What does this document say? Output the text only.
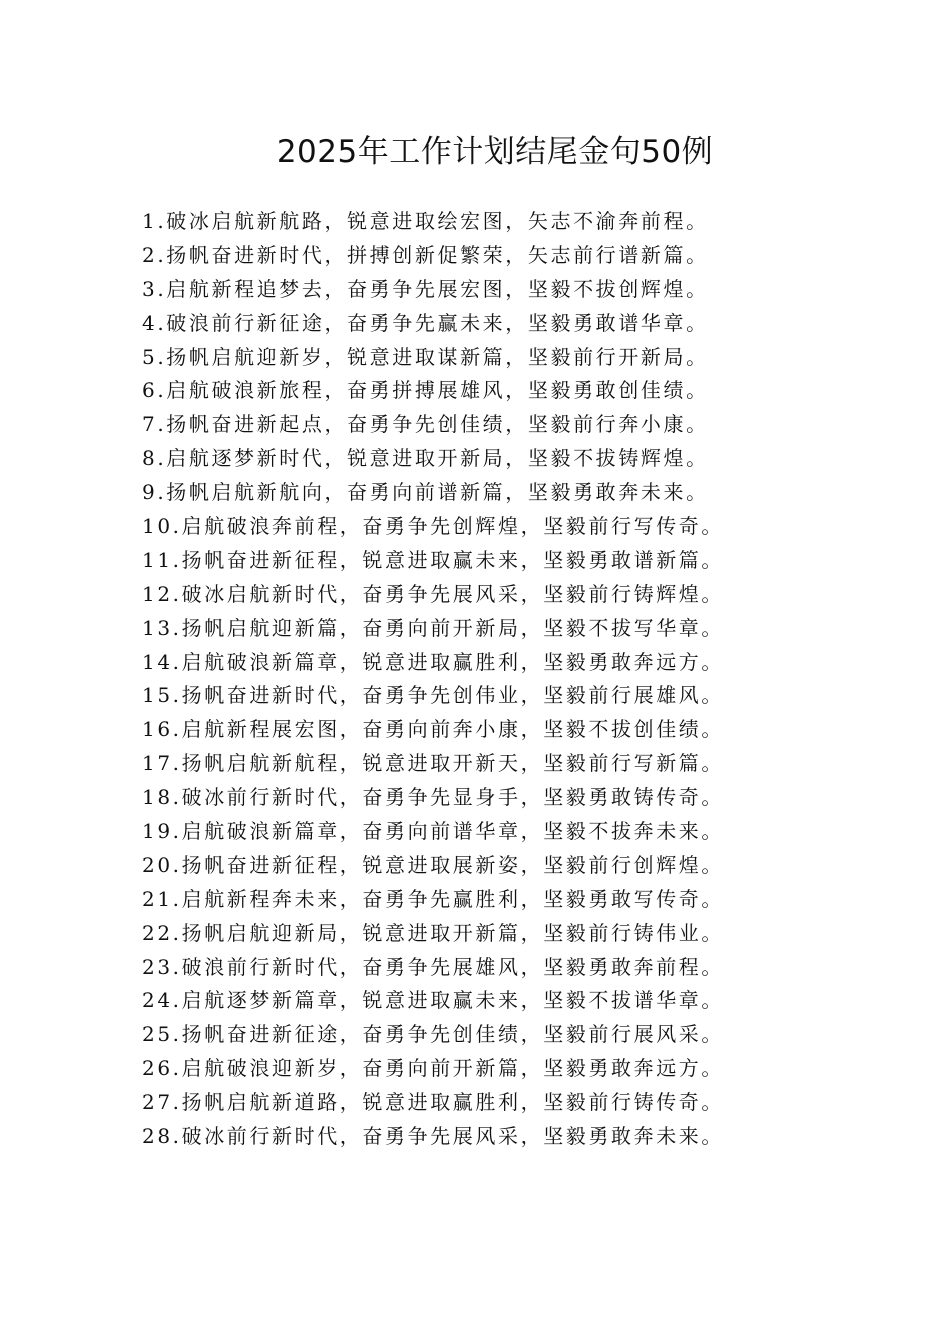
2025年工作计划结尾金句50例
1.破冰启航新航路，锐意进取绘宏图，矢志不渝奔前程。
2.扬帆奋进新时代，拼搏创新促繁荣，矢志前行谱新篇。
3.启航新程追梦去，奋勇争先展宏图，坚毅不拔创辉煌。
4.破浪前行新征途，奋勇争先赢未来，坚毅勇敢谱华章。
5.扬帆启航迎新岁，锐意进取谋新篇，坚毅前行开新局。
6.启航破浪新旅程，奋勇拼搏展雄风，坚毅勇敢创佳绩。
7.扬帆奋进新起点，奋勇争先创佳绩，坚毅前行奔小康。
8.启航逐梦新时代，锐意进取开新局，坚毅不拔铸辉煌。
9.扬帆启航新航向，奋勇向前谱新篇，坚毅勇敢奔未来。
10.启航破浪奔前程，奋勇争先创辉煌，坚毅前行写传奇。
11.扬帆奋进新征程，锐意进取赢未来，坚毅勇敢谱新篇。
12.破冰启航新时代，奋勇争先展风采，坚毅前行铸辉煌。
13.扬帆启航迎新篇，奋勇向前开新局，坚毅不拔写华章。
14.启航破浪新篇章，锐意进取赢胜利，坚毅勇敢奔远方。
15.扬帆奋进新时代，奋勇争先创伟业，坚毅前行展雄风。
16.启航新程展宏图，奋勇向前奔小康，坚毅不拔创佳绩。
17.扬帆启航新航程，锐意进取开新天，坚毅前行写新篇。
18.破冰前行新时代，奋勇争先显身手，坚毅勇敢铸传奇。
19.启航破浪新篇章，奋勇向前谱华章，坚毅不拔奔未来。
20.扬帆奋进新征程，锐意进取展新姿，坚毅前行创辉煌。
21.启航新程奔未来，奋勇争先赢胜利，坚毅勇敢写传奇。
22.扬帆启航迎新局，锐意进取开新篇，坚毅前行铸伟业。
23.破浪前行新时代，奋勇争先展雄风，坚毅勇敢奔前程。
24.启航逐梦新篇章，锐意进取赢未来，坚毅不拔谱华章。
25.扬帆奋进新征途，奋勇争先创佳绩，坚毅前行展风采。
26.启航破浪迎新岁，奋勇向前开新篇，坚毅勇敢奔远方。
27.扬帆启航新道路，锐意进取赢胜利，坚毅前行铸传奇。
28.破冰前行新时代，奋勇争先展风采，坚毅勇敢奔未来。
